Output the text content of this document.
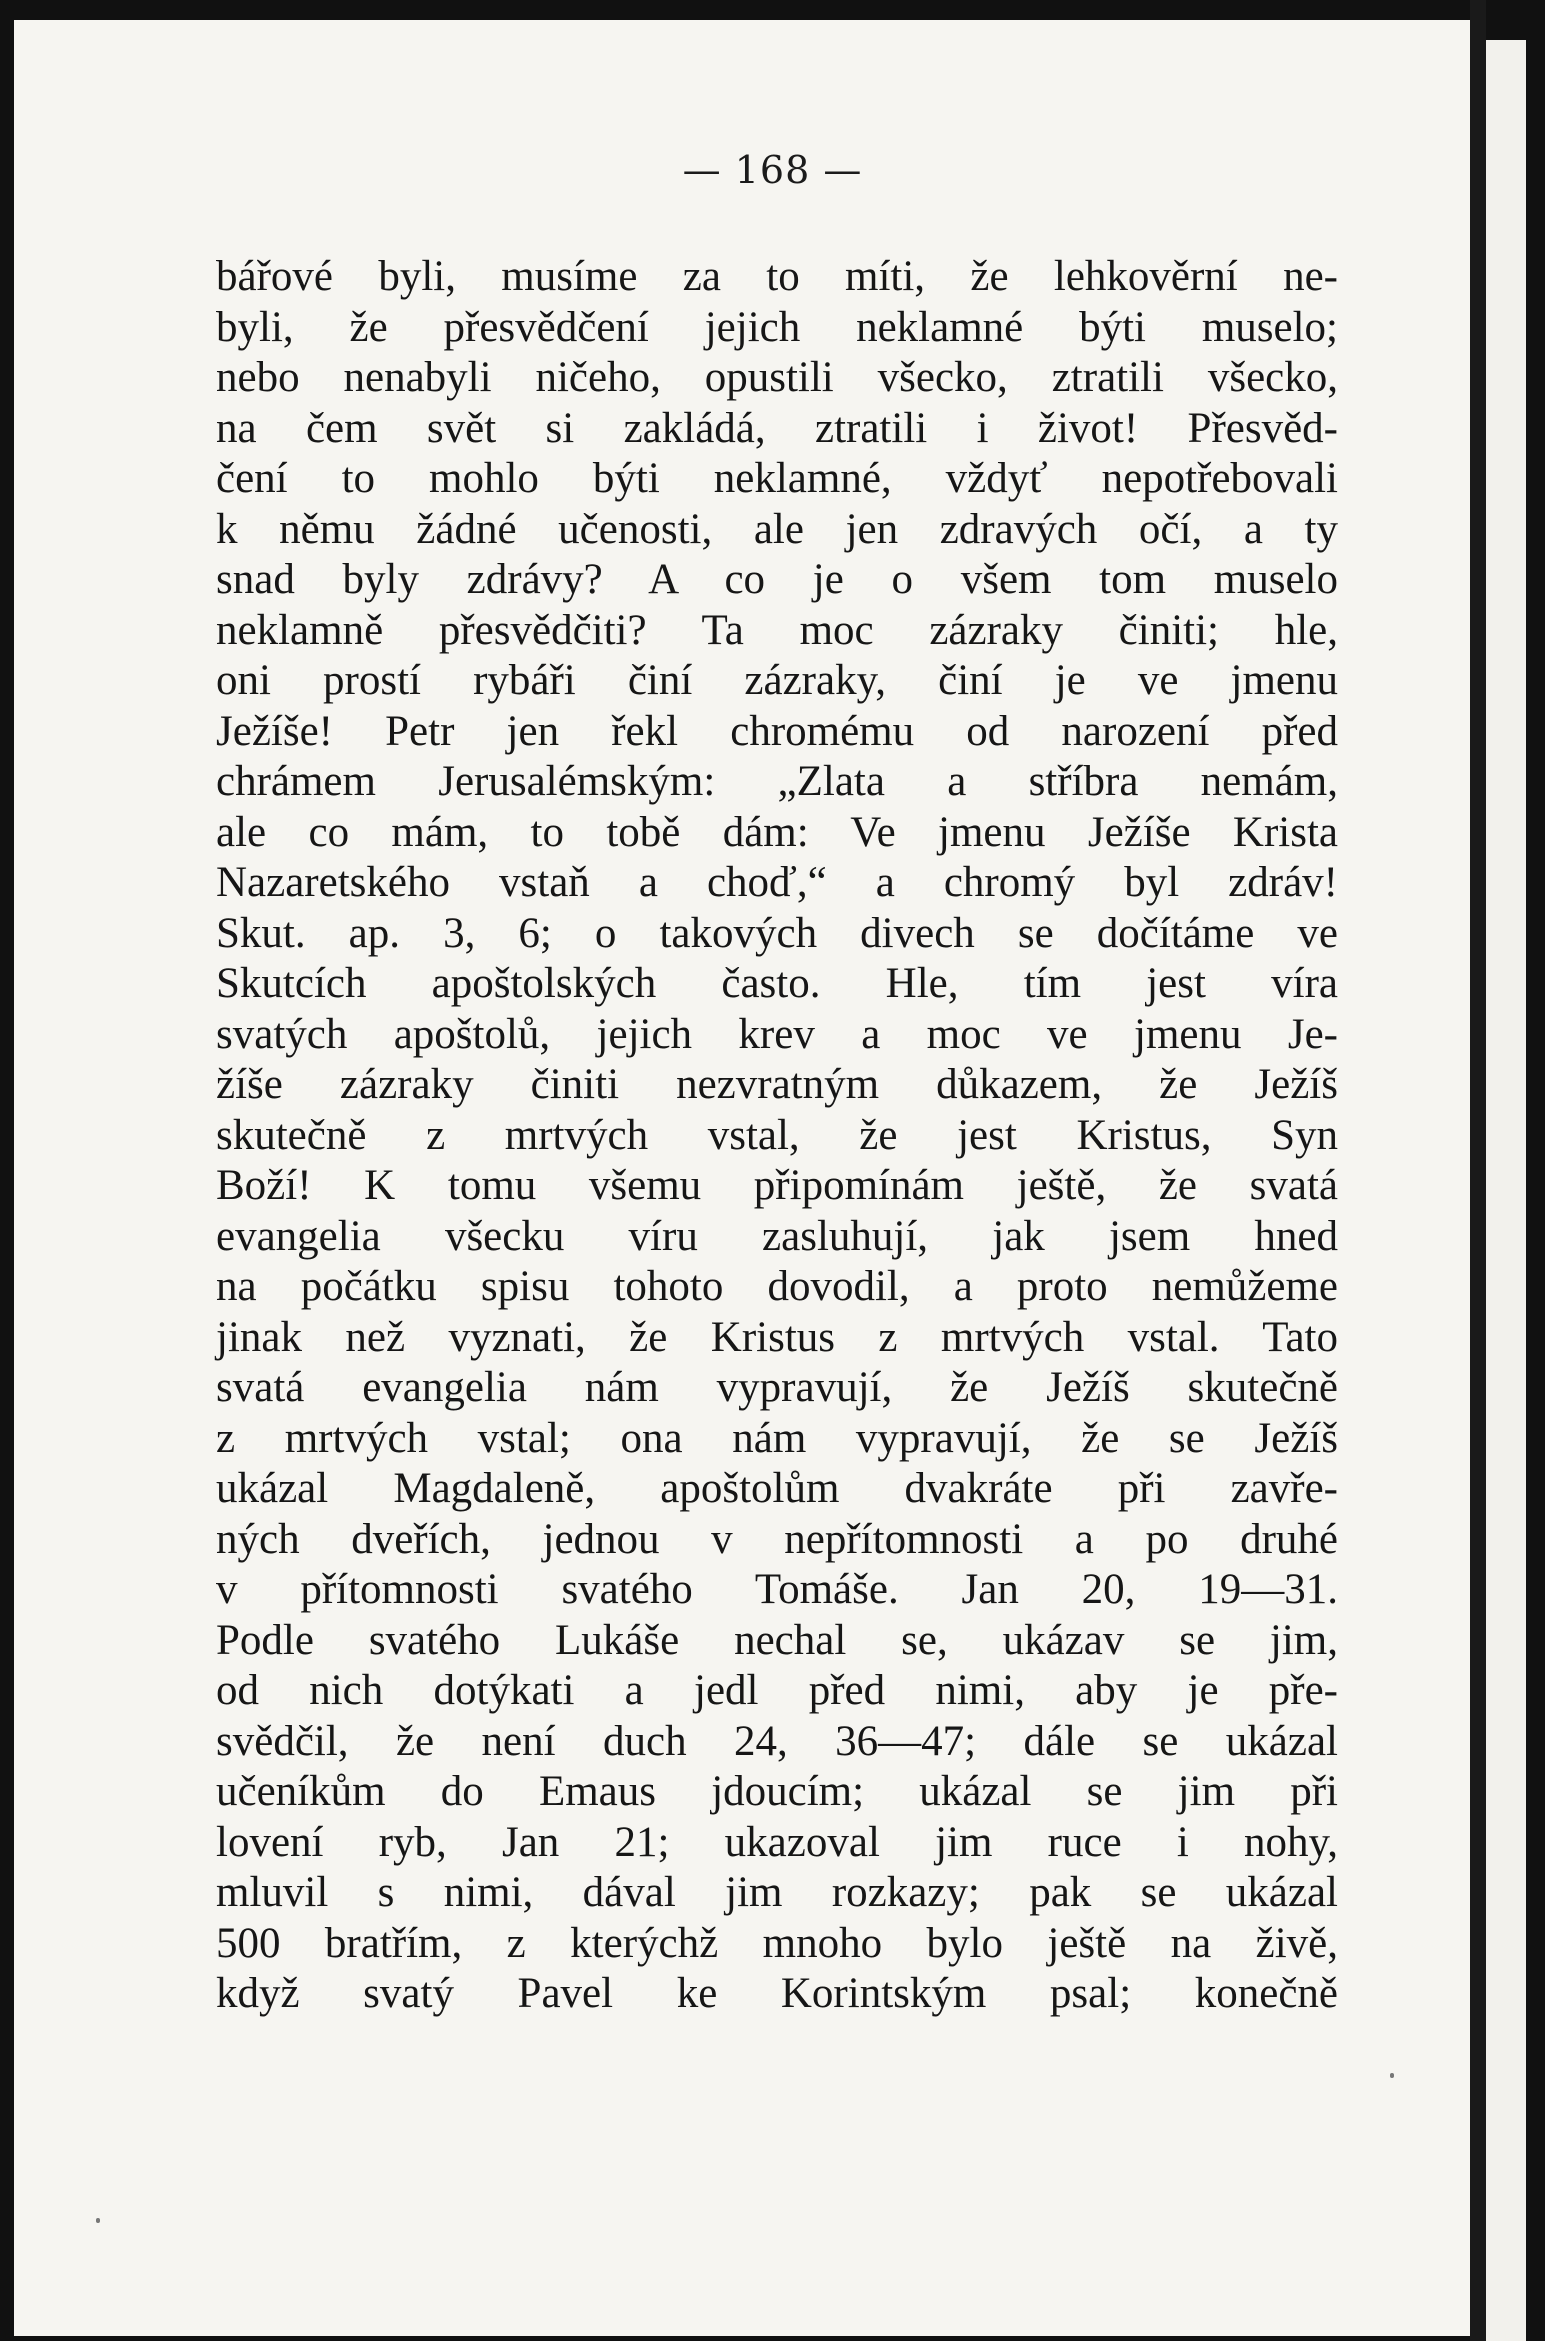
— 168 —
bářové byli, musíme za to míti, že lehkověrní ne-
byli, že přesvědčení jejich neklamné býti muselo;
nebo nenabyli ničeho, opustili všecko, ztratili všecko,
na čem svět si zakládá, ztratili i život! Přesvěd-
čení to mohlo býti neklamné, vždyť nepotřebovali
k němu žádné učenosti, ale jen zdravých očí, a ty
snad byly zdrávy? A co je o všem tom muselo
neklamně přesvědčiti? Ta moc zázraky činiti; hle,
oni prostí rybáři činí zázraky, činí je ve jmenu
Ježíše! Petr jen řekl chromému od narození před
chrámem Jerusalémským: „Zlata a stříbra nemám,
ale co mám, to tobě dám: Ve jmenu Ježíše Krista
Nazaretského vstaň a choď,“ a chromý byl zdráv!
Skut. ap. 3, 6; o takových divech se dočítáme ve
Skutcích apoštolských často. Hle, tím jest víra
svatých apoštolů, jejich krev a moc ve jmenu Je-
žíše zázraky činiti nezvratným důkazem, že Ježíš
skutečně z mrtvých vstal, že jest Kristus, Syn
Boží! K tomu všemu připomínám ještě, že svatá
evangelia všecku víru zasluhují, jak jsem hned
na počátku spisu tohoto dovodil, a proto nemůžeme
jinak než vyznati, že Kristus z mrtvých vstal. Tato
svatá evangelia nám vypravují, že Ježíš skutečně
z mrtvých vstal; ona nám vypravují, že se Ježíš
ukázal Magdaleně, apoštolům dvakráte při zavře-
ných dveřích, jednou v nepřítomnosti a po druhé
v přítomnosti svatého Tomáše. Jan 20, 19—31.
Podle svatého Lukáše nechal se, ukázav se jim,
od nich dotýkati a jedl před nimi, aby je pře-
svědčil, že není duch 24, 36—47; dále se ukázal
učeníkům do Emaus jdoucím; ukázal se jim při
lovení ryb, Jan 21; ukazoval jim ruce i nohy,
mluvil s nimi, dával jim rozkazy; pak se ukázal
500 bratřím, z kterýchž mnoho bylo ještě na živě,
když svatý Pavel ke Korintským psal; konečně
